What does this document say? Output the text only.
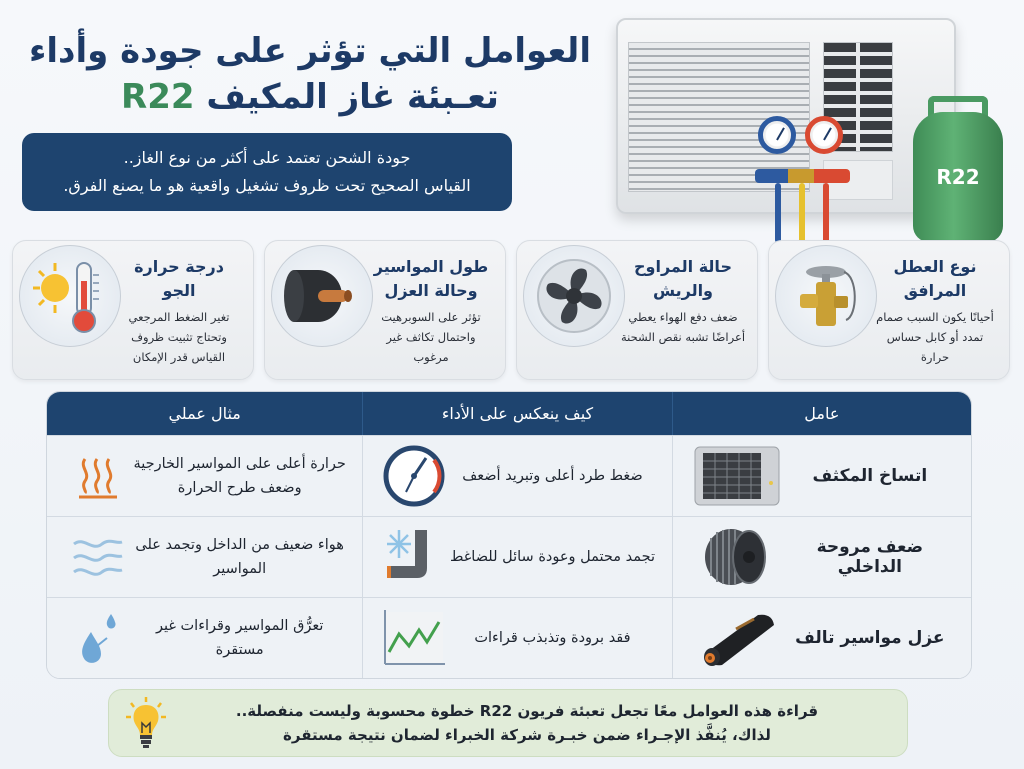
العوامل التي تؤثر على جودة وأداء
تعـبئة غاز المكيف R22
جودة الشحن تعتمد على أكثر من نوع الغاز..
القياس الصحيح تحت ظروف تشغيل واقعية هو ما يصنع الفرق.	R22
نوع العطل المرافق
أحيانًا يكون السبب صمام تمدد أو كابل حساس حرارة
حالة المراوح والريش
ضعف دفع الهواء يعطي أعراضًا تشبه نقص الشحنة
طول المواسير وحالة العزل
تؤثر على السوبرهيت واحتمال تكاثف غير مرغوب
درجة حرارة الجو
تغير الضغط المرجعي وتحتاج تثبيت ظروف القياس قدر الإمكان
عامل
كيف ينعكس على الأداء
مثال عملي
اتساخ المكثف
ضغط طرد أعلى وتبريد أضعف
حرارة أعلى على المواسير الخارجية وضعف طرح الحرارة
ضعف مروحة الداخلي
تجمد محتمل وعودة سائل للضاغط
هواء ضعيف من الداخل وتجمد على المواسير
عزل مواسير تالف
فقد برودة وتذبذب قراءات
تعرُّق المواسير وقراءات غير مستقرة
قراءة هذه العوامل معًا تجعل تعبئة فريون R22 خطوة محسوبة وليست منفصلة..
لذاك، يُنفَّذ الإجـراء ضمن خبـرة شركة الخبراء لضمان نتيجة مستقرة
